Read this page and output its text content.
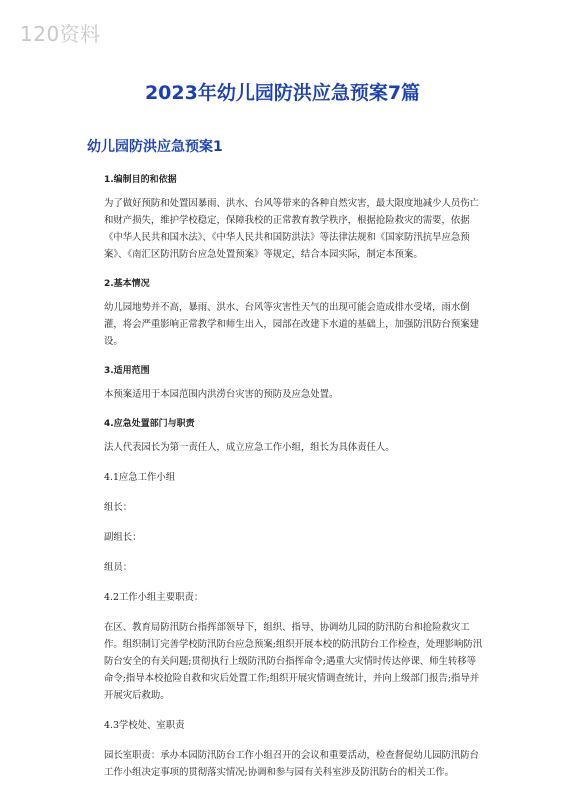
120资料
2023年幼儿园防洪应急预案7篇
幼儿园防洪应急预案1
1.编制目的和依据
为了做好预防和处置因暴雨、洪水、台风等带来的各种自然灾害，最大限度地减少人员伤亡和财产损失，维护学校稳定，保障我校的正常教育教学秩序，根据抢险救灾的需要，依据《中华人民共和国水法》、《中华人民共和国防洪法》等法律法规和《国家防汛抗旱应急预案》、《南汇区防汛防台应急处置预案》等规定，结合本园实际，制定本预案。
2.基本情况
幼儿园地势并不高，暴雨、洪水、台风等灾害性天气的出现可能会造成排水受堵，雨水倒灌，将会严重影响正常教学和师生出入，园部在改建下水道的基础上，加强防汛防台预案建设。
3.适用范围
本预案适用于本园范围内洪涝台灾害的预防及应急处置。
4.应急处置部门与职责
法人代表园长为第一责任人，成立应急工作小组，组长为具体责任人。
4.1应急工作小组
组长：
副组长：
组员：
4.2工作小组主要职责：
在区、教育局防汛防台指挥部领导下，组织、指导、协调幼儿园的防汛防台和抢险救灾工作。组织制订完善学校防汛防台应急预案;组织开展本校的防汛防台工作检查，处理影响防汛防台安全的有关问题;贯彻执行上级防汛防台指挥命令;遇重大灾情时传达停课、师生转移等命令;指导本校抢险自救和灾后处置工作;组织开展灾情调查统计，并向上级部门报告;指导并开展灾后救助。
4.3学校处、室职责
园长室职责：承办本园防汛防台工作小组召开的会议和重要活动，检查督促幼儿园防汛防台工作小组决定事项的贯彻落实情况;协调和参与园有关科室涉及防汛防台的相关工作。
